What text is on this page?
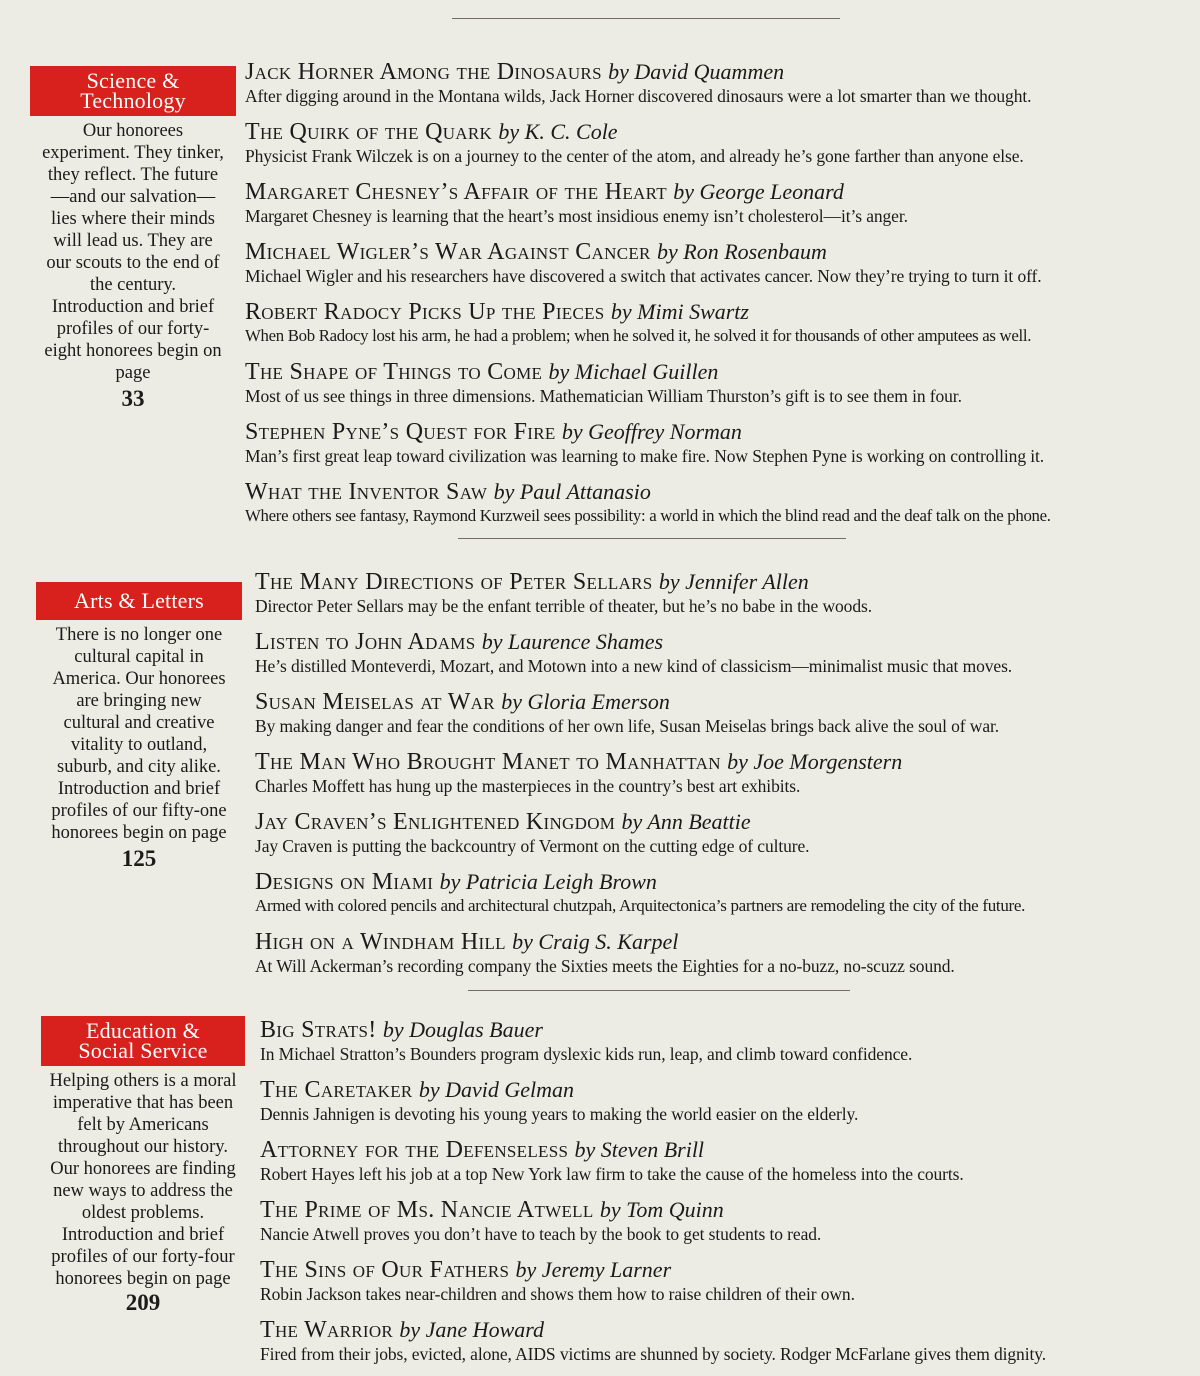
Science &
Technology
Our honorees experiment. They tinker, they reflect. The future—and our salvation—lies where their minds will lead us. They are our scouts to the end of the century. Introduction and brief profiles of our forty-eight honorees begin on page
33
Jack Horner Among the Dinosaurs by David Quammen
After digging around in the Montana wilds, Jack Horner discovered dinosaurs were a lot smarter than we thought.
The Quirk of the Quark by K. C. Cole
Physicist Frank Wilczek is on a journey to the center of the atom, and already he’s gone farther than anyone else.
Margaret Chesney’s Affair of the Heart by George Leonard
Margaret Chesney is learning that the heart’s most insidious enemy isn’t cholesterol—it’s anger.
Michael Wigler’s War Against Cancer by Ron Rosenbaum
Michael Wigler and his researchers have discovered a switch that activates cancer. Now they’re trying to turn it off.
Robert Radocy Picks Up the Pieces by Mimi Swartz
When Bob Radocy lost his arm, he had a problem; when he solved it, he solved it for thousands of other amputees as well.
The Shape of Things to Come by Michael Guillen
Most of us see things in three dimensions. Mathematician William Thurston’s gift is to see them in four.
Stephen Pyne’s Quest for Fire by Geoffrey Norman
Man’s first great leap toward civilization was learning to make fire. Now Stephen Pyne is working on controlling it.
What the Inventor Saw by Paul Attanasio
Where others see fantasy, Raymond Kurzweil sees possibility: a world in which the blind read and the deaf talk on the phone.
Arts & Letters
There is no longer one cultural capital in America. Our honorees are bringing new cultural and creative vitality to outland, suburb, and city alike. Introduction and brief profiles of our fifty-one honorees begin on page
125
The Many Directions of Peter Sellars by Jennifer Allen
Director Peter Sellars may be the enfant terrible of theater, but he’s no babe in the woods.
Listen to John Adams by Laurence Shames
He’s distilled Monteverdi, Mozart, and Motown into a new kind of classicism—minimalist music that moves.
Susan Meiselas at War by Gloria Emerson
By making danger and fear the conditions of her own life, Susan Meiselas brings back alive the soul of war.
The Man Who Brought Manet to Manhattan by Joe Morgenstern
Charles Moffett has hung up the masterpieces in the country’s best art exhibits.
Jay Craven’s Enlightened Kingdom by Ann Beattie
Jay Craven is putting the backcountry of Vermont on the cutting edge of culture.
Designs on Miami by Patricia Leigh Brown
Armed with colored pencils and architectural chutzpah, Arquitectonica’s partners are remodeling the city of the future.
High on a Windham Hill by Craig S. Karpel
At Will Ackerman’s recording company the Sixties meets the Eighties for a no-buzz, no-scuzz sound.
Education &
Social Service
Helping others is a moral imperative that has been felt by Americans throughout our history. Our honorees are finding new ways to address the oldest problems. Introduction and brief profiles of our forty-four honorees begin on page
209
Big Strats! by Douglas Bauer
In Michael Stratton’s Bounders program dyslexic kids run, leap, and climb toward confidence.
The Caretaker by David Gelman
Dennis Jahnigen is devoting his young years to making the world easier on the elderly.
Attorney for the Defenseless by Steven Brill
Robert Hayes left his job at a top New York law firm to take the cause of the homeless into the courts.
The Prime of Ms. Nancie Atwell by Tom Quinn
Nancie Atwell proves you don’t have to teach by the book to get students to read.
The Sins of Our Fathers by Jeremy Larner
Robin Jackson takes near-children and shows them how to raise children of their own.
The Warrior by Jane Howard
Fired from their jobs, evicted, alone, AIDS victims are shunned by society. Rodger McFarlane gives them dignity.
